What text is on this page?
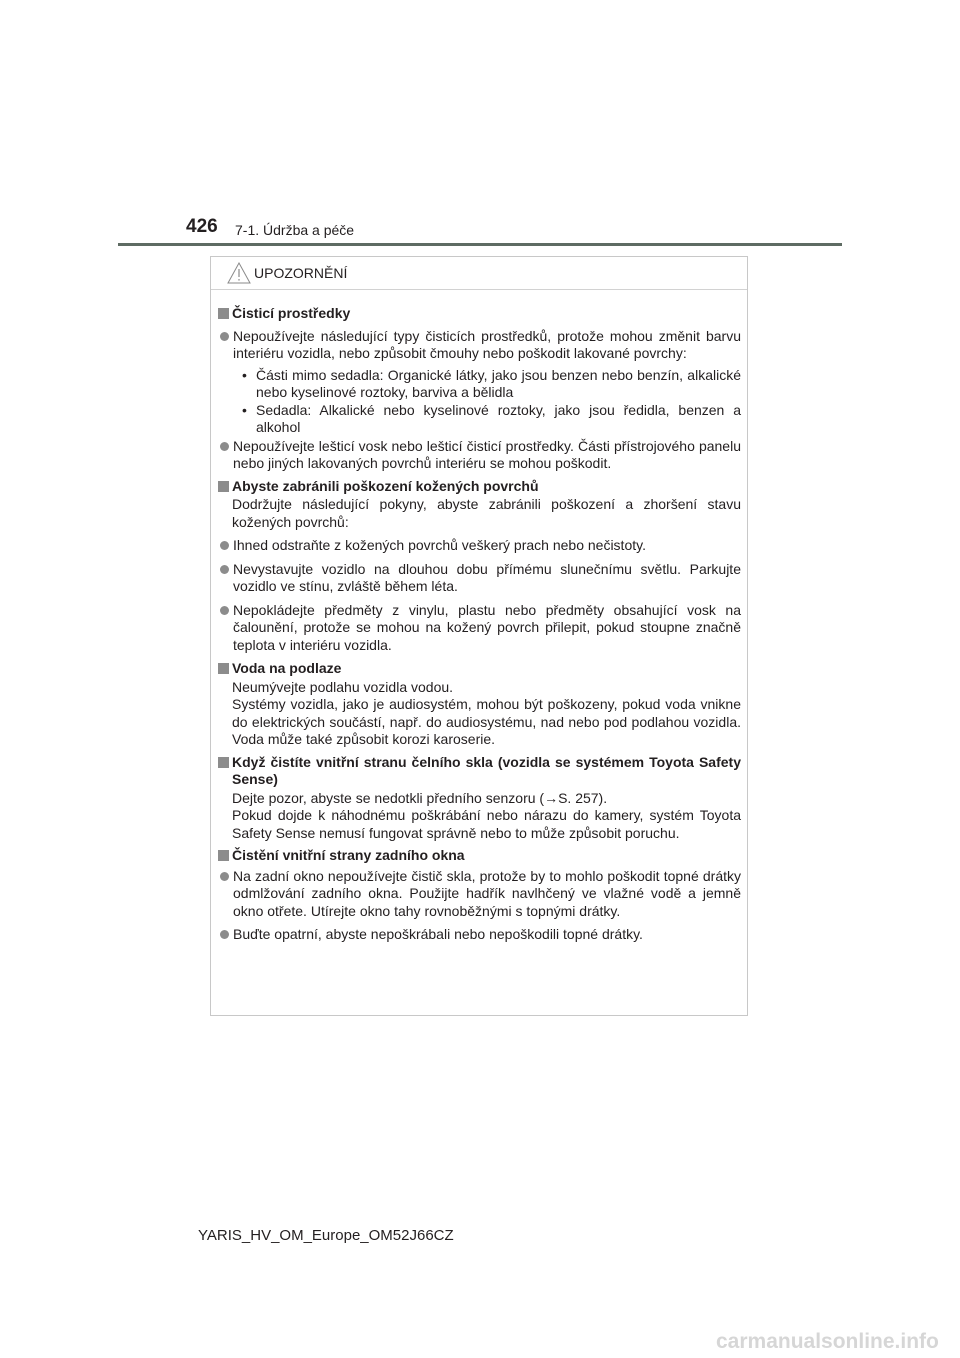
426 7-1. Údržba a péče
UPOZORNĚNÍ
Čisticí prostředky
Nepoužívejte následující typy čisticích prostředků, protože mohou změnit barvu interiéru vozidla, nebo způsobit čmouhy nebo poškodit lakované povrchy:
• Části mimo sedadla: Organické látky, jako jsou benzen nebo benzín, alkalické nebo kyselinové roztoky, barviva a bělidla
• Sedadla: Alkalické nebo kyselinové roztoky, jako jsou ředidla, benzen a alkohol
Nepoužívejte lešticí vosk nebo lešticí čisticí prostředky. Části přístrojového panelu nebo jiných lakovaných povrchů interiéru se mohou poškodit.
Abyste zabránili poškození kožených povrchů
Dodržujte následující pokyny, abyste zabránili poškození a zhoršení stavu kožených povrchů:
Ihned odstraňte z kožených povrchů veškerý prach nebo nečistoty.
Nevystavujte vozidlo na dlouhou dobu přímému slunečnímu světlu. Parkujte vozidlo ve stínu, zvláště během léta.
Nepokládejte předměty z vinylu, plastu nebo předměty obsahující vosk na čalounění, protože se mohou na kožený povrch přilepit, pokud stoupne značně teplota v interiéru vozidla.
Voda na podlaze
Neumývejte podlahu vozidla vodou.
Systémy vozidla, jako je audiosystém, mohou být poškozeny, pokud voda vnikne do elektrických součástí, např. do audiosystému, nad nebo pod podlahou vozidla. Voda může také způsobit korozi karoserie.
Když čistíte vnitřní stranu čelního skla (vozidla se systémem Toyota Safety Sense)
Dejte pozor, abyste se nedotkli předního senzoru (→S. 257).
Pokud dojde k náhodnému poškrábání nebo nárazu do kamery, systém Toyota Safety Sense nemusí fungovat správně nebo to může způsobit poruchu.
Čistění vnitřní strany zadního okna
Na zadní okno nepoužívejte čistič skla, protože by to mohlo poškodit topné drátky odmlžování zadního okna. Použijte hadřík navlhčený ve vlažné vodě a jemně okno otřete. Utírejte okno tahy rovnoběžnými s topnými drátky.
Buďte opatrní, abyste nepoškrábali nebo nepoškodili topné drátky.
YARIS_HV_OM_Europe_OM52J66CZ
carmanualsonline.info
